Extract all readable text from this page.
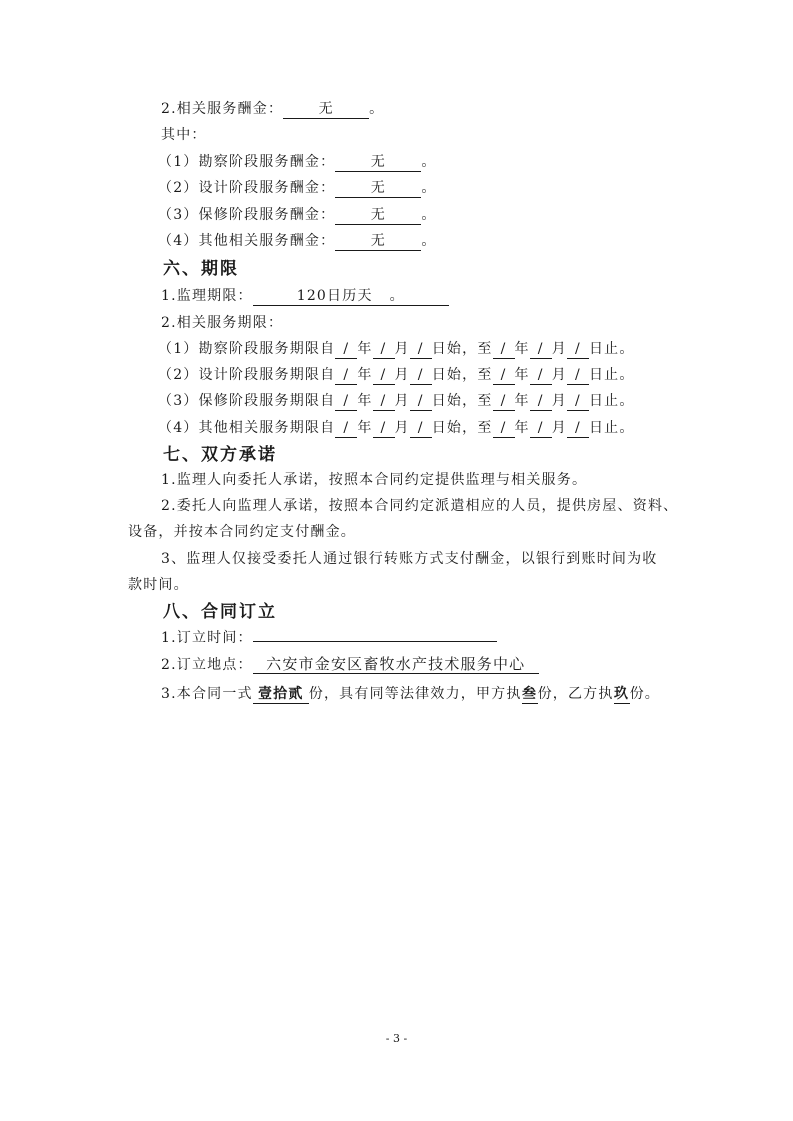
2.相关服务酬金：	无	。
其中：
（1）勘察阶段服务酬金：	无	。
（2）设计阶段服务酬金：	无	。
（3）保修阶段服务酬金：	无	。
（4）其他相关服务酬金：	无	。
六、期限
1.监理期限：	120日历天 。
2.相关服务期限：
（1）勘察阶段服务期限自 / 年 / 月 / 日始，至 / 年 / 月 / 日止。
（2）设计阶段服务期限自 / 年 / 月 / 日始，至 / 年 / 月 / 日止。
（3）保修阶段服务期限自 / 年 / 月 / 日始，至 / 年 / 月 / 日止。
（4）其他相关服务期限自 / 年 / 月 / 日始，至 / 年 / 月 / 日止。
七、双方承诺
1.监理人向委托人承诺，按照本合同约定提供监理与相关服务。
2.委托人向监理人承诺，按照本合同约定派遣相应的人员，提供房屋、资料、
设备，并按本合同约定支付酬金。
3、监理人仅接受委托人通过银行转账方式支付酬金，以银行到账时间为收
款时间。
八、合同订立
1.订立时间：
2.订立地点： 六安市金安区畜牧水产技术服务中心
3.本合同一式 壹拾贰 份，具有同等法律效力，甲方执叁份，乙方执玖份。
- 3 -
